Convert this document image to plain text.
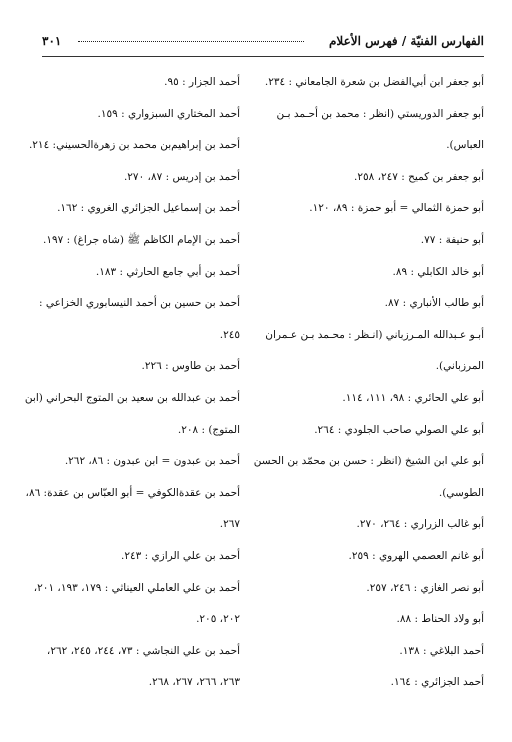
الفهارس الفنيّة / فهرس الأعلام
٣٠١
أبو جعفر ابن أبي‌الفضل بن شعرة الجامعاني : ٢٣٤.
أبو جعفر الدوريستي (انظر : محمد بن أحـمد بـن
العباس).
أبو جعفر بن كميح : ٢٤٧، ٢٥٨.
أبو حمزة الثمالي = أبو حمزة : ٨٩، ١٢٠.
أبو حنيفة : ٧٧.
أبو خالد الكابلي : ٨٩.
أبو طالب الأنباري : ٨٧.
أبـو عـبدالله المـرزباني (انـظر : محـمد بـن عـمران
المرزباني).
أبو علي الحائري : ٩٨، ١١١، ١١٤.
أبو علي الصولي صاحب الجلودي : ٢٦٤.
أبو علي ابن الشيخ (انظر : حسن بن محمّد بن الحسن
الطوسي).
أبو غالب الزراري : ٢٦٤، ٢٧٠.
أبو غانم العصمي الهروي : ٢٥٩.
أبو نصر الغازي : ٢٤٦، ٢٥٧.
أبو ولاد الحناط : ٨٨.
أحمد البلاغي : ١٣٨.
أحمد الجزائري : ١٦٤.
أحمد الجزار : ٩٥.
أحمد المختاري السبزواري : ١٥٩.
أحمد بن إبراهيم‌بن محمد بن زهرة‌الحسيني: ٢١٤.
أحمد بن إدريس : ٨٧، ٢٧٠.
أحمد بن إسماعيل الجزائري الغروي : ١٦٢.
أحمد بن الإمام الكاظم ﷺ (شاه جراغ) : ١٩٧.
أحمد بن أبي جامع الحارثي : ١٨٣.
أحمد بن حسين بن أحمد النيسابوري الخزاعي :
٢٤٥.
أحمد بن طاوس : ٢٢٦.
أحمد بن عبدالله بن سعيد بن المتوج البحراني (ابن
المتوج) : ٢٠٨.
أحمد بن عبدون = ابن عبدون : ٨٦، ٢٦٢.
أحمد بن عقدة‌الكوفي = أبو العبّاس بن عقدة: ٨٦،
٢٦٧.
أحمد بن علي الرازي : ٢٤٣.
أحمد بن علي العاملي العيناثي : ١٧٩، ١٩٣، ٢٠١،
٢٠٢، ٢٠٥.
أحمد بن علي النجاشي : ٧٣، ٢٤٤، ٢٤٥، ٢٦٢،
٢٦٣، ٢٦٦، ٢٦٧، ٢٦٨.
